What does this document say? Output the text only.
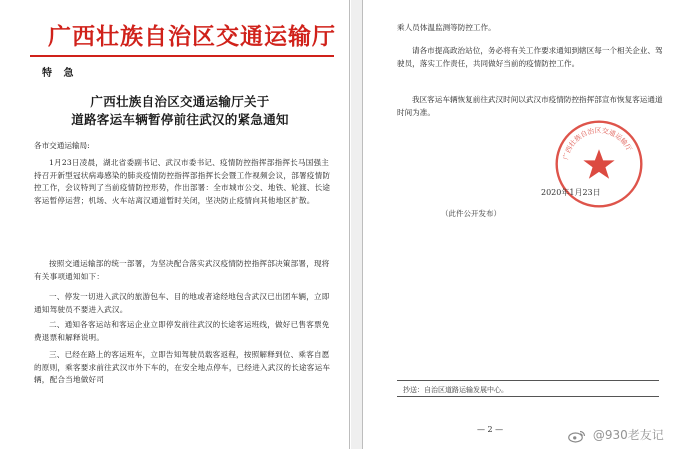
广西壮族自治区交通运输厅
特 急
广西壮族自治区交通运输厅关于
道路客运车辆暂停前往武汉的紧急通知
各市交通运输局:
1月23日凌晨，湖北省委副书记、武汉市委书记、疫情防控指挥部指挥长马国强主持召开新型冠状病毒感染的肺炎疫情防控指挥部指挥长会暨工作视频会议，部署疫情防控工作，会议特判了当前疫情防控形势，作出部署：全市城市公交、地铁、轮渡、长途客运暂停运营；机场、火车站离汉通道暂时关闭，坚决防止疫情向其他地区扩散。
按照交通运输部的统一部署，为坚决配合落实武汉疫情防控指挥部决策部署，现将有关事项通知如下：
一、停发一切进入武汉的旅游包车、目的地或者途经地包含武汉已出团车辆，立即通知驾驶员不要进入武汉。
二、通知各客运站和客运企业立即停发前往武汉的长途客运班线，做好已售客票免费退票和解释说明。
三、已经在路上的客运班车，立即告知驾驶员载客返程，按照解释到位、乘客自愿的原则，乘客要求前往武汉市外下车的，在安全地点停车，已经进入武汉的长途客运车辆，配合当地做好司
乘人员体温监测等防控工作。
请各市提高政治站位，务必将有关工作要求通知到辖区每一个相关企业、驾驶员，落实工作责任，共同做好当前的疫情防控工作。
我区客运车辆恢复前往武汉时间以武汉市疫情防控指挥部宣布恢复客运通道时间为准。
广西壮族自治区交通运输厅
2020年1月23日
（此件公开发布）
抄送：自治区道路运输发展中心。
— 2 —	@930老友记
